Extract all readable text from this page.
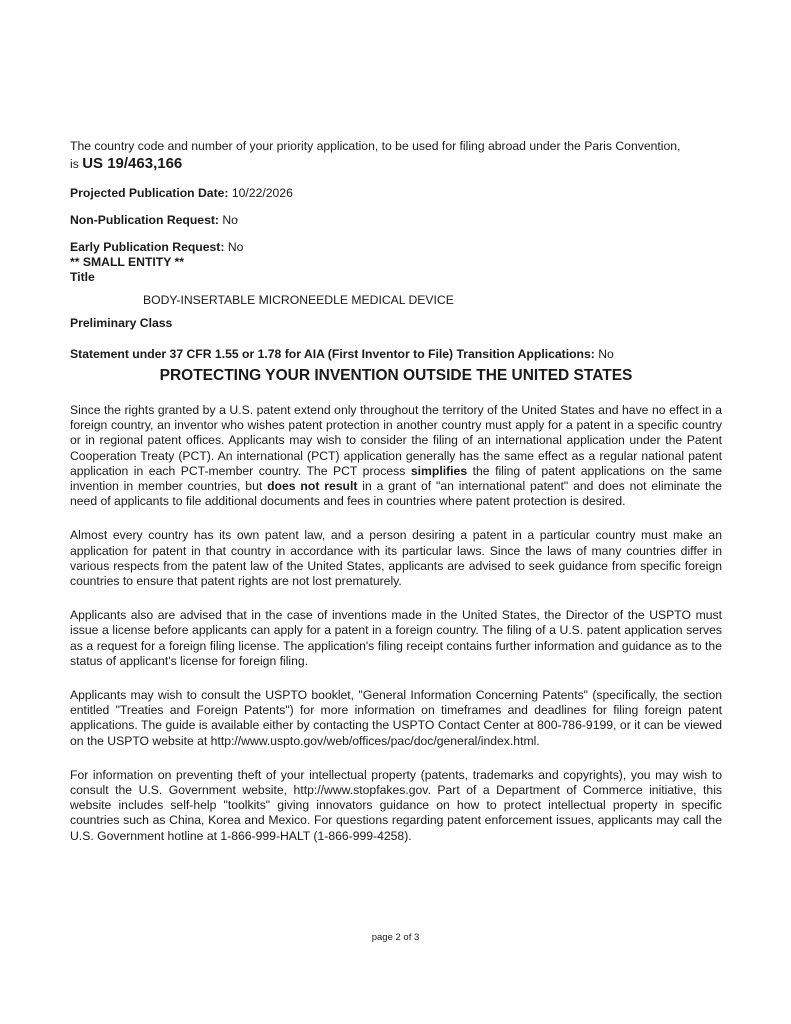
The country code and number of your priority application, to be used for filing abroad under the Paris Convention,

is US 19/463,166

Projected Publication Date: 10/22/2026

Non-Publication Request: No

Early Publication Request: No

** SMALL ENTITY **

Title

BODY-INSERTABLE MICRONEEDLE MEDICAL DEVICE

Preliminary Class

Statement under 37 CFR 1.55 or 1.78 for AIA (First Inventor to File) Transition Applications: No

PROTECTING YOUR INVENTION OUTSIDE THE UNITED STATES

Since the rights granted by a U.S. patent extend only throughout the territory of the United States and have no effect in a foreign country, an inventor who wishes patent protection in another country must apply for a patent in a specific country or in regional patent offices. Applicants may wish to consider the filing of an international application under the Patent Cooperation Treaty (PCT). An international (PCT) application generally has the same effect as a regular national patent application in each PCT-member country. The PCT process simplifies the filing of patent applications on the same invention in member countries, but does not result in a grant of "an international patent" and does not eliminate the need of applicants to file additional documents and fees in countries where patent protection is desired.

Almost every country has its own patent law, and a person desiring a patent in a particular country must make an application for patent in that country in accordance with its particular laws. Since the laws of many countries differ in various respects from the patent law of the United States, applicants are advised to seek guidance from specific foreign countries to ensure that patent rights are not lost prematurely.

Applicants also are advised that in the case of inventions made in the United States, the Director of the USPTO must issue a license before applicants can apply for a patent in a foreign country. The filing of a U.S. patent application serves as a request for a foreign filing license. The application's filing receipt contains further information and guidance as to the status of applicant's license for foreign filing.

Applicants may wish to consult the USPTO booklet, "General Information Concerning Patents" (specifically, the section entitled "Treaties and Foreign Patents") for more information on timeframes and deadlines for filing foreign patent applications. The guide is available either by contacting the USPTO Contact Center at 800-786-9199, or it can be viewed on the USPTO website at http://www.uspto.gov/web/offices/pac/doc/general/index.html.

For information on preventing theft of your intellectual property (patents, trademarks and copyrights), you may wish to consult the U.S. Government website, http://www.stopfakes.gov. Part of a Department of Commerce initiative, this website includes self-help "toolkits" giving innovators guidance on how to protect intellectual property in specific countries such as China, Korea and Mexico. For questions regarding patent enforcement issues, applicants may call the U.S. Government hotline at 1-866-999-HALT (1-866-999-4258).

page 2 of 3
